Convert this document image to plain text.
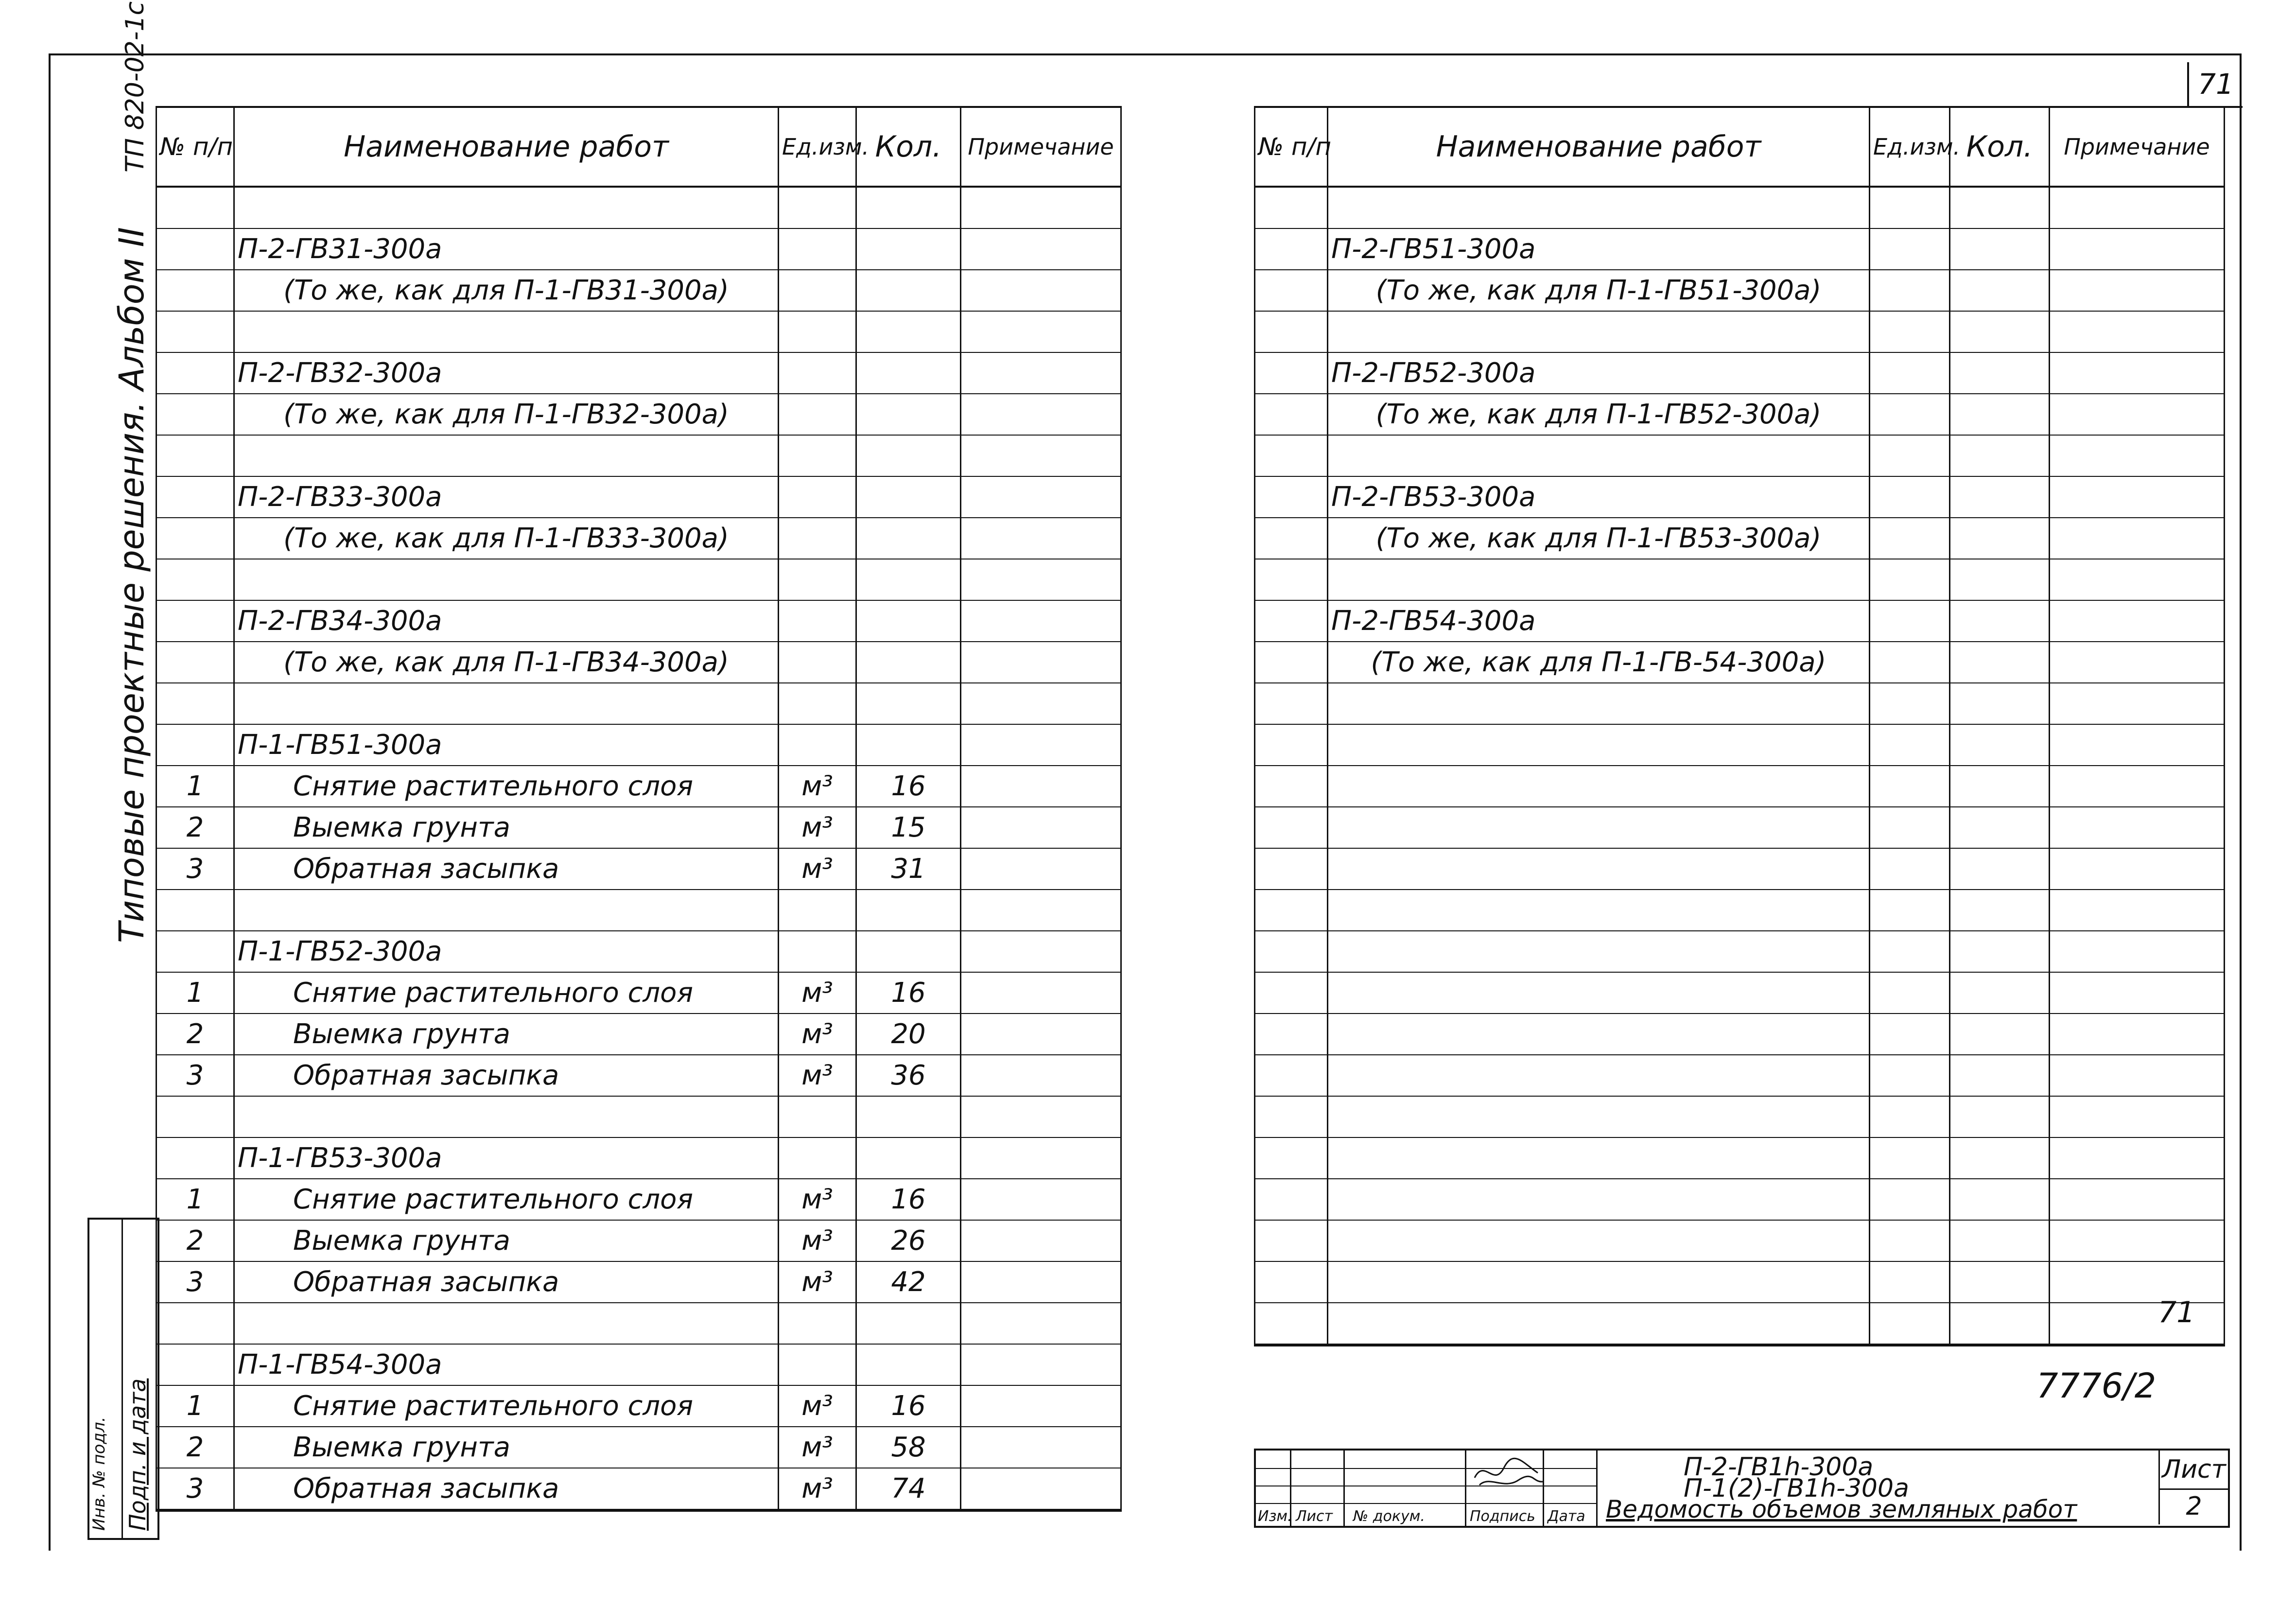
71
Типовые проектные решения. Альбом II ТП 820-02-1с
Инв. № подл. Подп. и дата
№ п/п	Наименование работ	Ед.изм.	Кол.	Примечание

	П-2-ГВ31-300а			
	(То же, как для П-1-ГВ31-300а)			

	П-2-ГВ32-300а			
	(То же, как для П-1-ГВ32-300а)			

	П-2-ГВ33-300а			
	(То же, как для П-1-ГВ33-300а)			

	П-2-ГВ34-300а			
	(То же, как для П-1-ГВ34-300а)			

	П-1-ГВ51-300а			
1	Снятие растительного слоя	м³	16	
2	Выемка грунта	м³	15	
3	Обратная засыпка	м³	31	

	П-1-ГВ52-300а			
1	Снятие растительного слоя	м³	16	
2	Выемка грунта	м³	20	
3	Обратная засыпка	м³	36	

	П-1-ГВ53-300а			
1	Снятие растительного слоя	м³	16	
2	Выемка грунта	м³	26	
3	Обратная засыпка	м³	42	

	П-1-ГВ54-300а			
1	Снятие растительного слоя	м³	16	
2	Выемка грунта	м³	58	
3	Обратная засыпка	м³	74	

№ п/п	Наименование работ	Ед.изм.	Кол.	Примечание

	П-2-ГВ51-300а			
	(То же, как для П-1-ГВ51-300а)			

	П-2-ГВ52-300а			
	(То же, как для П-1-ГВ52-300а)			

	П-2-ГВ53-300а			
	(То же, как для П-1-ГВ53-300а)			

	П-2-ГВ54-300а			
	(То же, как для П-1-ГВ-54-300а)			

71
7776/2
Изм. Лист № докум.	Подпись Дата
П-2-ГВ1h-300а
П-1(2)-ГВ1h-300а
Ведомость объемов земляных работ
Лист
2
